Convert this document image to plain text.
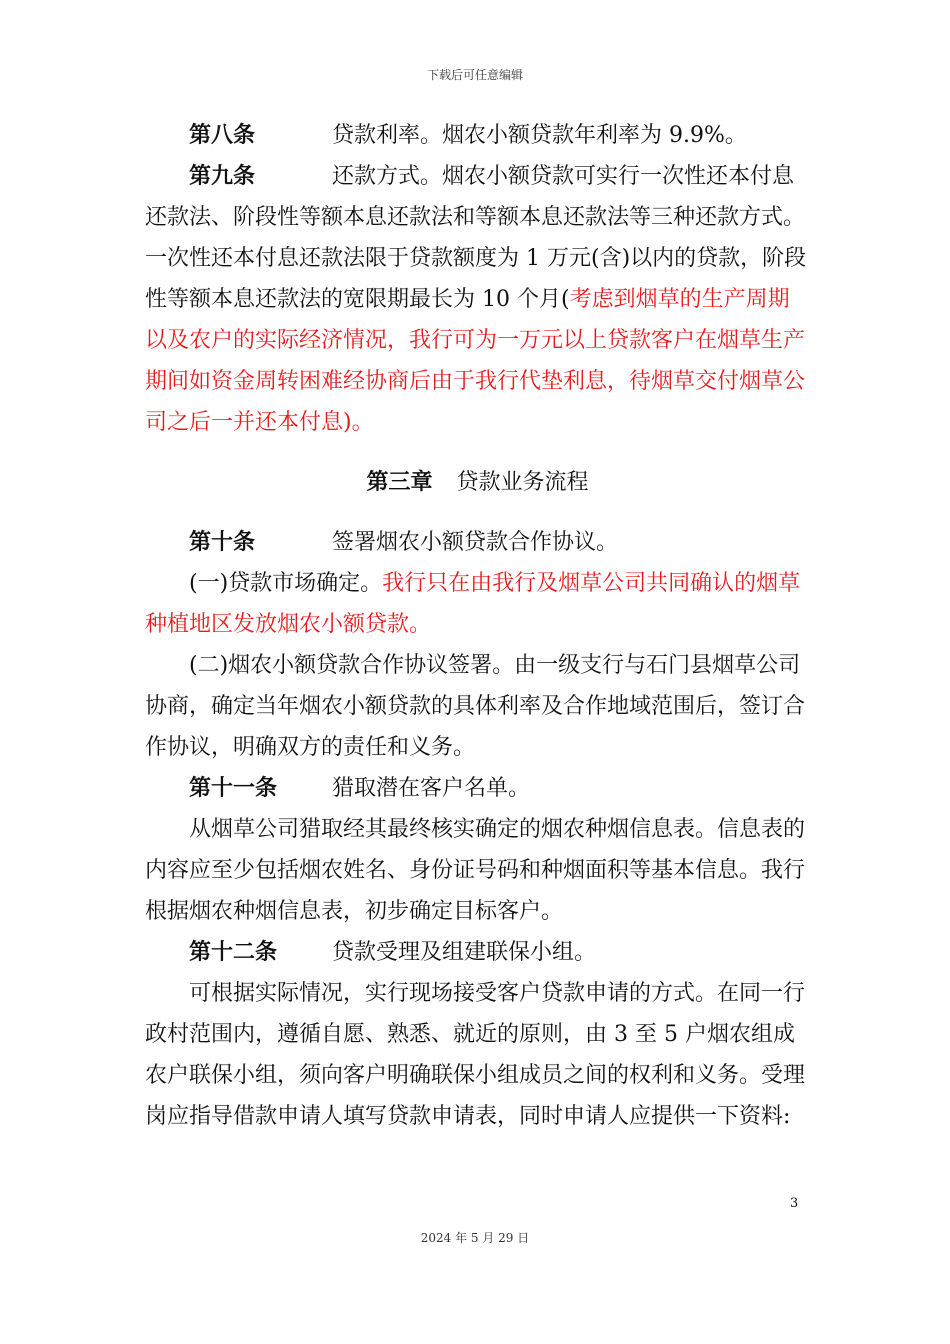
下载后可任意编辑

第八条	贷款利率。烟农小额贷款年利率为 9.9%。

第九条	还款方式。烟农小额贷款可实行一次性还本付息还款法、阶段性等额本息还款法和等额本息还款法等三种还款方式。一次性还本付息还款法限于贷款额度为 1 万元(含)以内的贷款，阶段性等额本息还款法的宽限期最长为 10 个月(考虑到烟草的生产周期以及农户的实际经济情况，我行可为一万元以上贷款客户在烟草生产期间如资金周转困难经协商后由于我行代垫利息，待烟草交付烟草公司之后一并还本付息)。

第三章 贷款业务流程

第十条	签署烟农小额贷款合作协议。

(一)贷款市场确定。我行只在由我行及烟草公司共同确认的烟草种植地区发放烟农小额贷款。

(二)烟农小额贷款合作协议签署。由一级支行与石门县烟草公司协商，确定当年烟农小额贷款的具体利率及合作地域范围后，签订合作协议，明确双方的责任和义务。

第十一条 猎取潜在客户名单。

从烟草公司猎取经其最终核实确定的烟农种烟信息表。信息表的内容应至少包括烟农姓名、身份证号码和种烟面积等基本信息。我行根据烟农种烟信息表，初步确定目标客户。

第十二条 贷款受理及组建联保小组。

可根据实际情况，实行现场接受客户贷款申请的方式。在同一行政村范围内，遵循自愿、熟悉、就近的原则，由 3 至 5 户烟农组成农户联保小组，须向客户明确联保小组成员之间的权利和义务。受理岗应指导借款申请人填写贷款申请表，同时申请人应提供一下资料:

3
2024 年 5 月 29 日
